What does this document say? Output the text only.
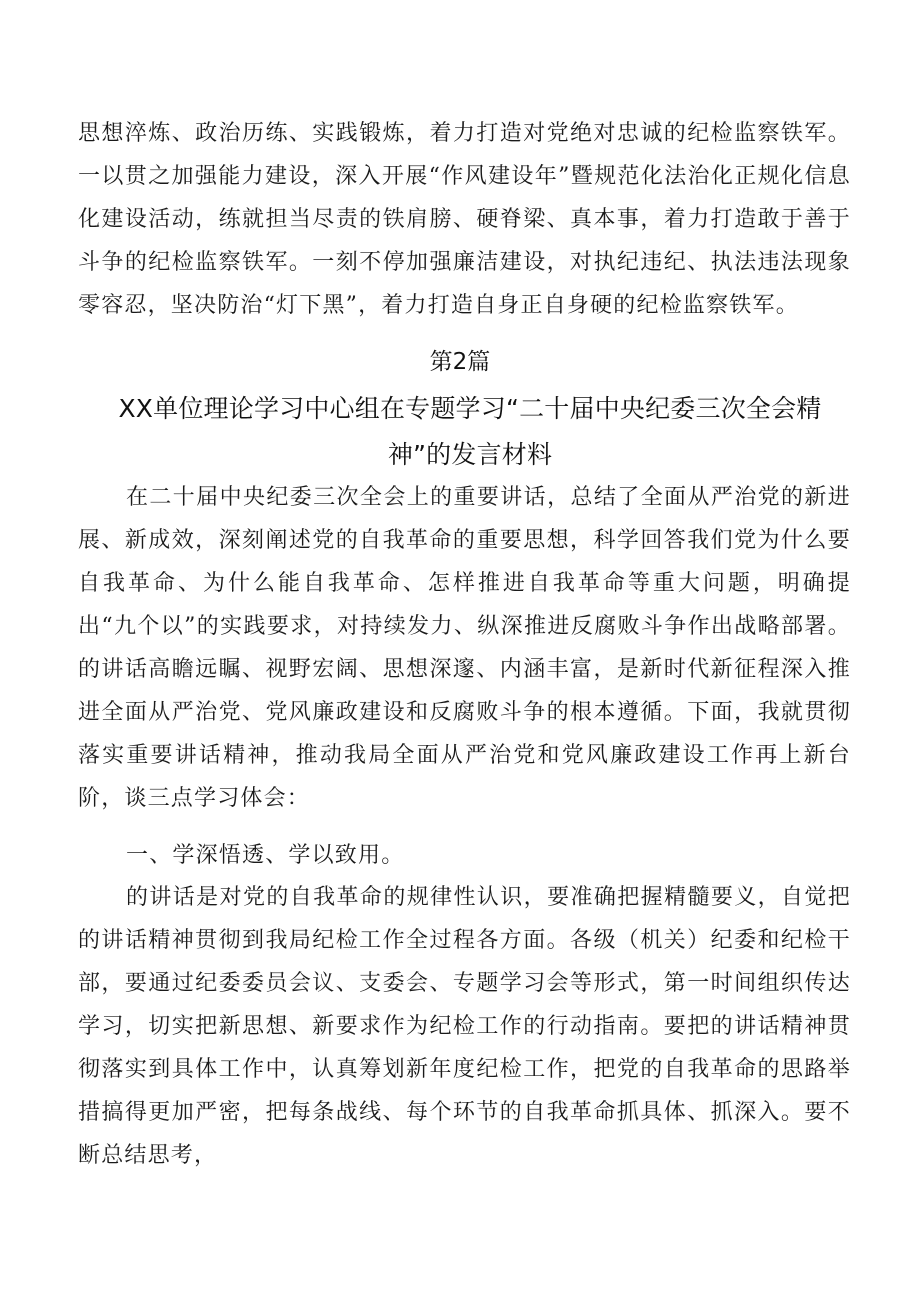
思想淬炼、政治历练、实践锻炼，着力打造对党绝对忠诚的纪检监察铁军。一以贯之加强能力建设，深入开展“作风建设年”暨规范化法治化正规化信息化建设活动，练就担当尽责的铁肩膀、硬脊梁、真本事，着力打造敢于善于斗争的纪检监察铁军。一刻不停加强廉洁建设，对执纪违纪、执法违法现象零容忍，坚决防治“灯下黑”，着力打造自身正自身硬的纪检监察铁军。

第2篇

XX单位理论学习中心组在专题学习“二十届中央纪委三次全会精神”的发言材料

在二十届中央纪委三次全会上的重要讲话，总结了全面从严治党的新进展、新成效，深刻阐述党的自我革命的重要思想，科学回答我们党为什么要自我革命、为什么能自我革命、怎样推进自我革命等重大问题，明确提出“九个以”的实践要求，对持续发力、纵深推进反腐败斗争作出战略部署。的讲话高瞻远瞩、视野宏阔、思想深邃、内涵丰富，是新时代新征程深入推进全面从严治党、党风廉政建设和反腐败斗争的根本遵循。下面，我就贯彻落实重要讲话精神，推动我局全面从严治党和党风廉政建设工作再上新台阶，谈三点学习体会：

一、学深悟透、学以致用。

的讲话是对党的自我革命的规律性认识，要准确把握精髓要义，自觉把的讲话精神贯彻到我局纪检工作全过程各方面。各级（机关）纪委和纪检干部，要通过纪委委员会议、支委会、专题学习会等形式，第一时间组织传达学习，切实把新思想、新要求作为纪检工作的行动指南。要把的讲话精神贯彻落实到具体工作中，认真筹划新年度纪检工作，把党的自我革命的思路举措搞得更加严密，把每条战线、每个环节的自我革命抓具体、抓深入。要不断总结思考，
